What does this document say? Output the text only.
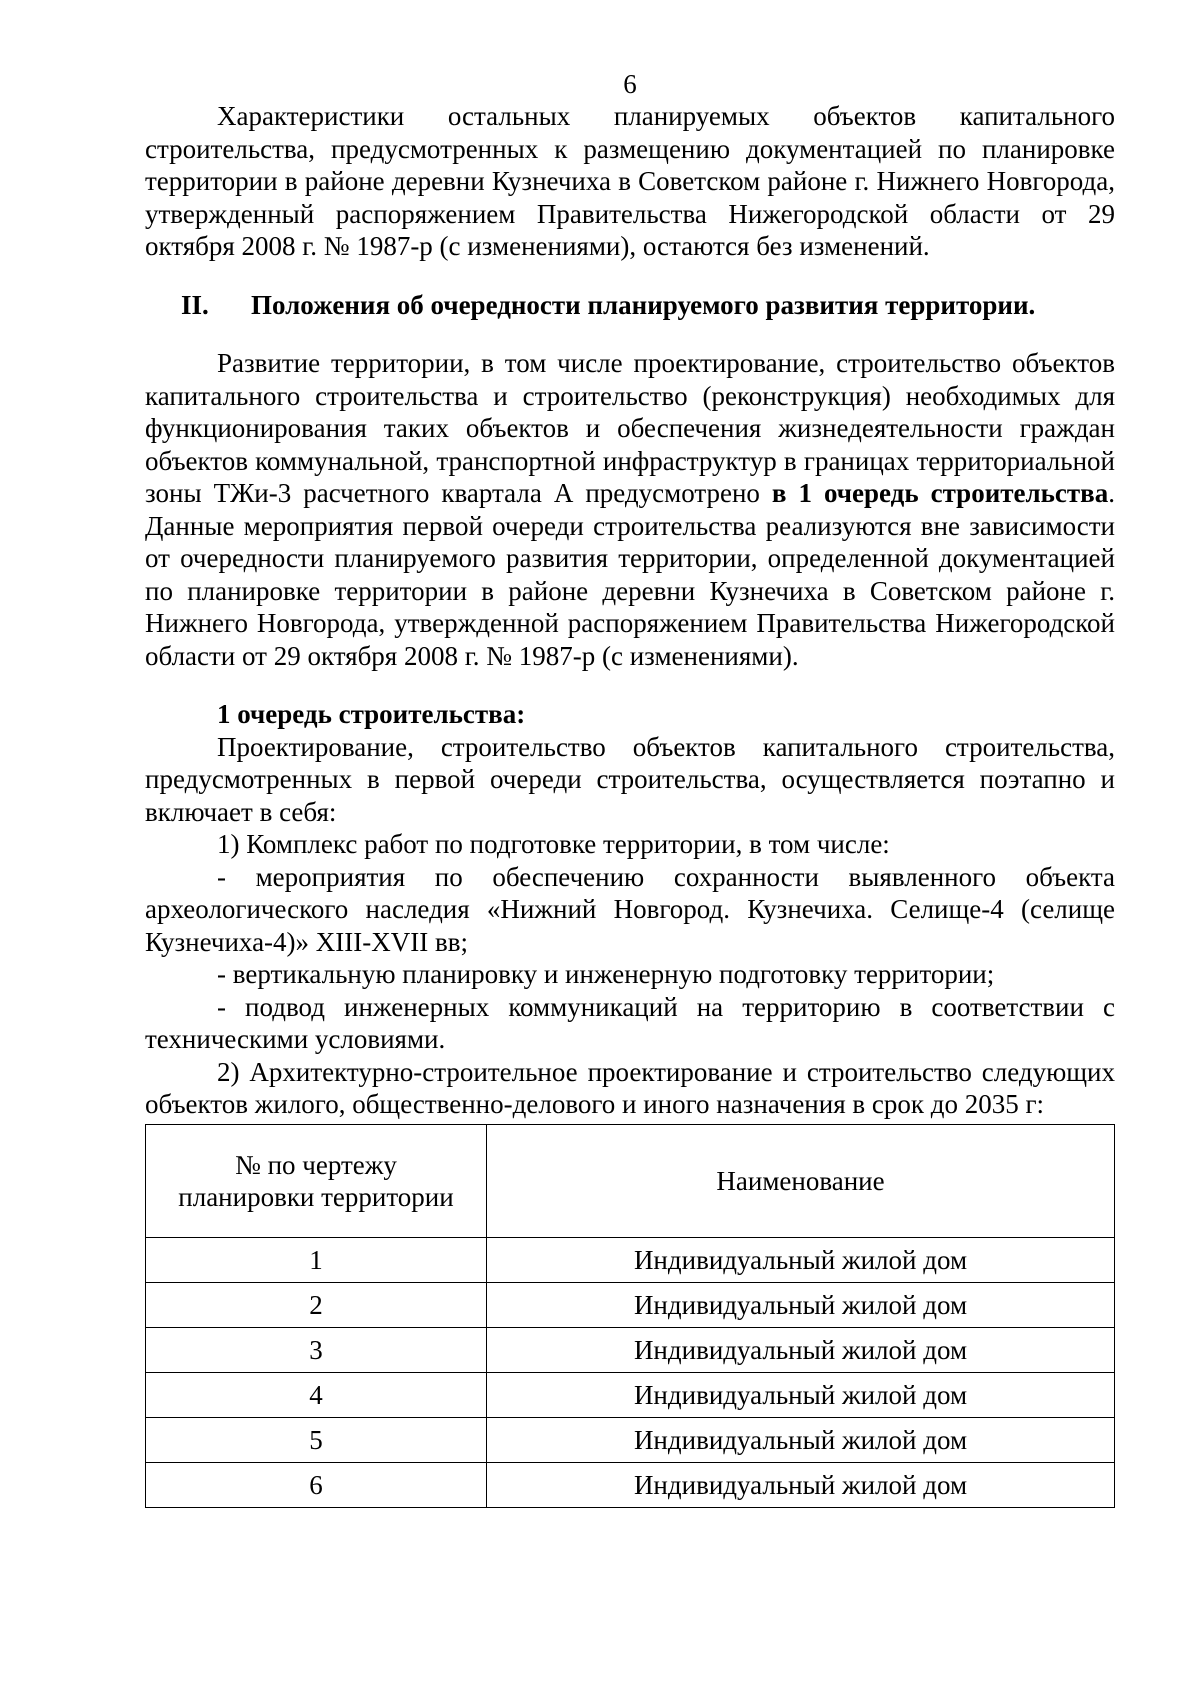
6

Характеристики остальных планируемых объектов капитального строительства, предусмотренных к размещению документацией по планировке территории в районе деревни Кузнечиха в Советском районе г. Нижнего Новгорода, утвержденный распоряжением Правительства Нижегородской области от 29 октября 2008 г. № 1987-р (с изменениями), остаются без изменений.

II.	Положения об очередности планируемого развития территории.

Развитие территории, в том числе проектирование, строительство объектов капитального строительства и строительство (реконструкция) необходимых для функционирования таких объектов и обеспечения жизнедеятельности граждан объектов коммунальной, транспортной инфраструктур в границах территориальной зоны ТЖи-3 расчетного квартала А предусмотрено в 1 очередь строительства. Данные мероприятия первой очереди строительства реализуются вне зависимости от очередности планируемого развития территории, определенной документацией по планировке территории в районе деревни Кузнечиха в Советском районе г. Нижнего Новгорода, утвержденной распоряжением Правительства Нижегородской области от 29 октября 2008 г. № 1987-р (с изменениями).

1 очередь строительства:

Проектирование, строительство объектов капитального строительства, предусмотренных в первой очереди строительства, осуществляется поэтапно и включает в себя:

1) Комплекс работ по подготовке территории, в том числе:

- мероприятия по обеспечению сохранности выявленного объекта археологического наследия «Нижний Новгород. Кузнечиха. Селище-4 (селище Кузнечиха-4)» XIII-XVII вв;

- вертикальную планировку и инженерную подготовку территории;

- подвод инженерных коммуникаций на территорию в соответствии с техническими условиями.

2) Архитектурно-строительное проектирование и строительство следующих объектов жилого, общественно-делового и иного назначения в срок до 2035 г:

№ по чертежу планировки территории	Наименование
1	Индивидуальный жилой дом
2	Индивидуальный жилой дом
3	Индивидуальный жилой дом
4	Индивидуальный жилой дом
5	Индивидуальный жилой дом
6	Индивидуальный жилой дом
